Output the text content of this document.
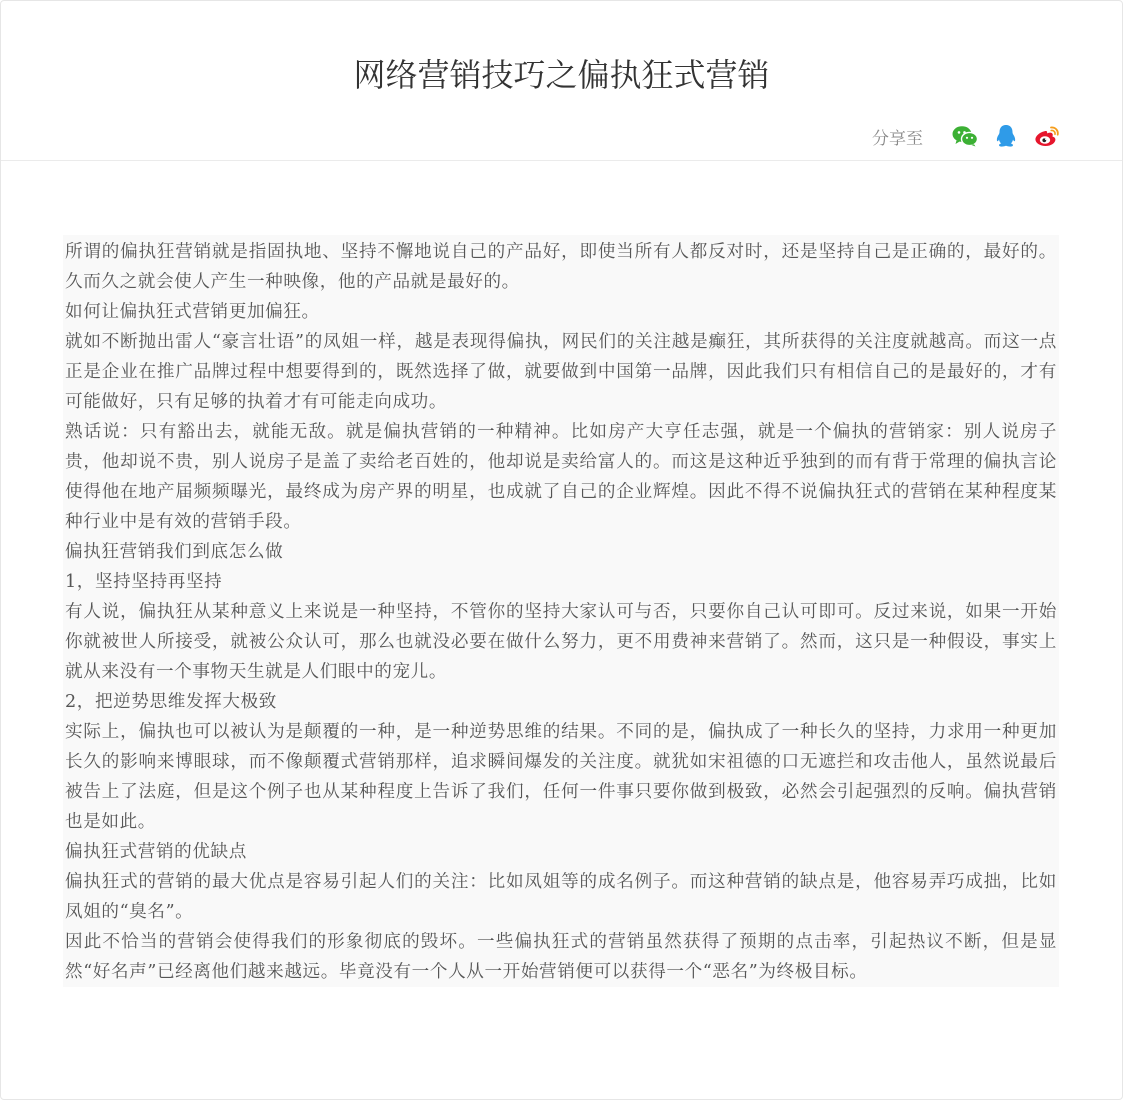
网络营销技巧之偏执狂式营销
分享至

所谓的偏执狂营销就是指固执地、坚持不懈地说自己的产品好，即使当所有人都反对时，还是坚持自己是正确的，最好的。久而久之就会使人产生一种映像，他的产品就是最好的。

如何让偏执狂式营销更加偏狂。

就如不断抛出雷人“豪言壮语”的凤姐一样，越是表现得偏执，网民们的关注越是癫狂，其所获得的关注度就越高。而这一点正是企业在推广品牌过程中想要得到的，既然选择了做，就要做到中国第一品牌，因此我们只有相信自己的是最好的，才有可能做好，只有足够的执着才有可能走向成功。

熟话说：只有豁出去，就能无敌。就是偏执营销的一种精神。比如房产大亨任志强，就是一个偏执的营销家：别人说房子贵，他却说不贵，别人说房子是盖了卖给老百姓的，他却说是卖给富人的。而这是这种近乎独到的而有背于常理的偏执言论使得他在地产届频频曝光，最终成为房产界的明星，也成就了自己的企业辉煌。因此不得不说偏执狂式的营销在某种程度某种行业中是有效的营销手段。

偏执狂营销我们到底怎么做

1，坚持坚持再坚持

有人说，偏执狂从某种意义上来说是一种坚持，不管你的坚持大家认可与否，只要你自己认可即可。反过来说，如果一开始你就被世人所接受，就被公众认可，那么也就没必要在做什么努力，更不用费神来营销了。然而，这只是一种假设，事实上就从来没有一个事物天生就是人们眼中的宠儿。

2，把逆势思维发挥大极致

实际上，偏执也可以被认为是颠覆的一种，是一种逆势思维的结果。不同的是，偏执成了一种长久的坚持，力求用一种更加长久的影响来博眼球，而不像颠覆式营销那样，追求瞬间爆发的关注度。就犹如宋祖德的口无遮拦和攻击他人，虽然说最后被告上了法庭，但是这个例子也从某种程度上告诉了我们，任何一件事只要你做到极致，必然会引起强烈的反响。偏执营销也是如此。

偏执狂式营销的优缺点

偏执狂式的营销的最大优点是容易引起人们的关注：比如凤姐等的成名例子。而这种营销的缺点是，他容易弄巧成拙，比如凤姐的“臭名”。

因此不恰当的营销会使得我们的形象彻底的毁坏。一些偏执狂式的营销虽然获得了预期的点击率，引起热议不断，但是显然“好名声”已经离他们越来越远。毕竟没有一个人从一开始营销便可以获得一个“恶名”为终极目标。
